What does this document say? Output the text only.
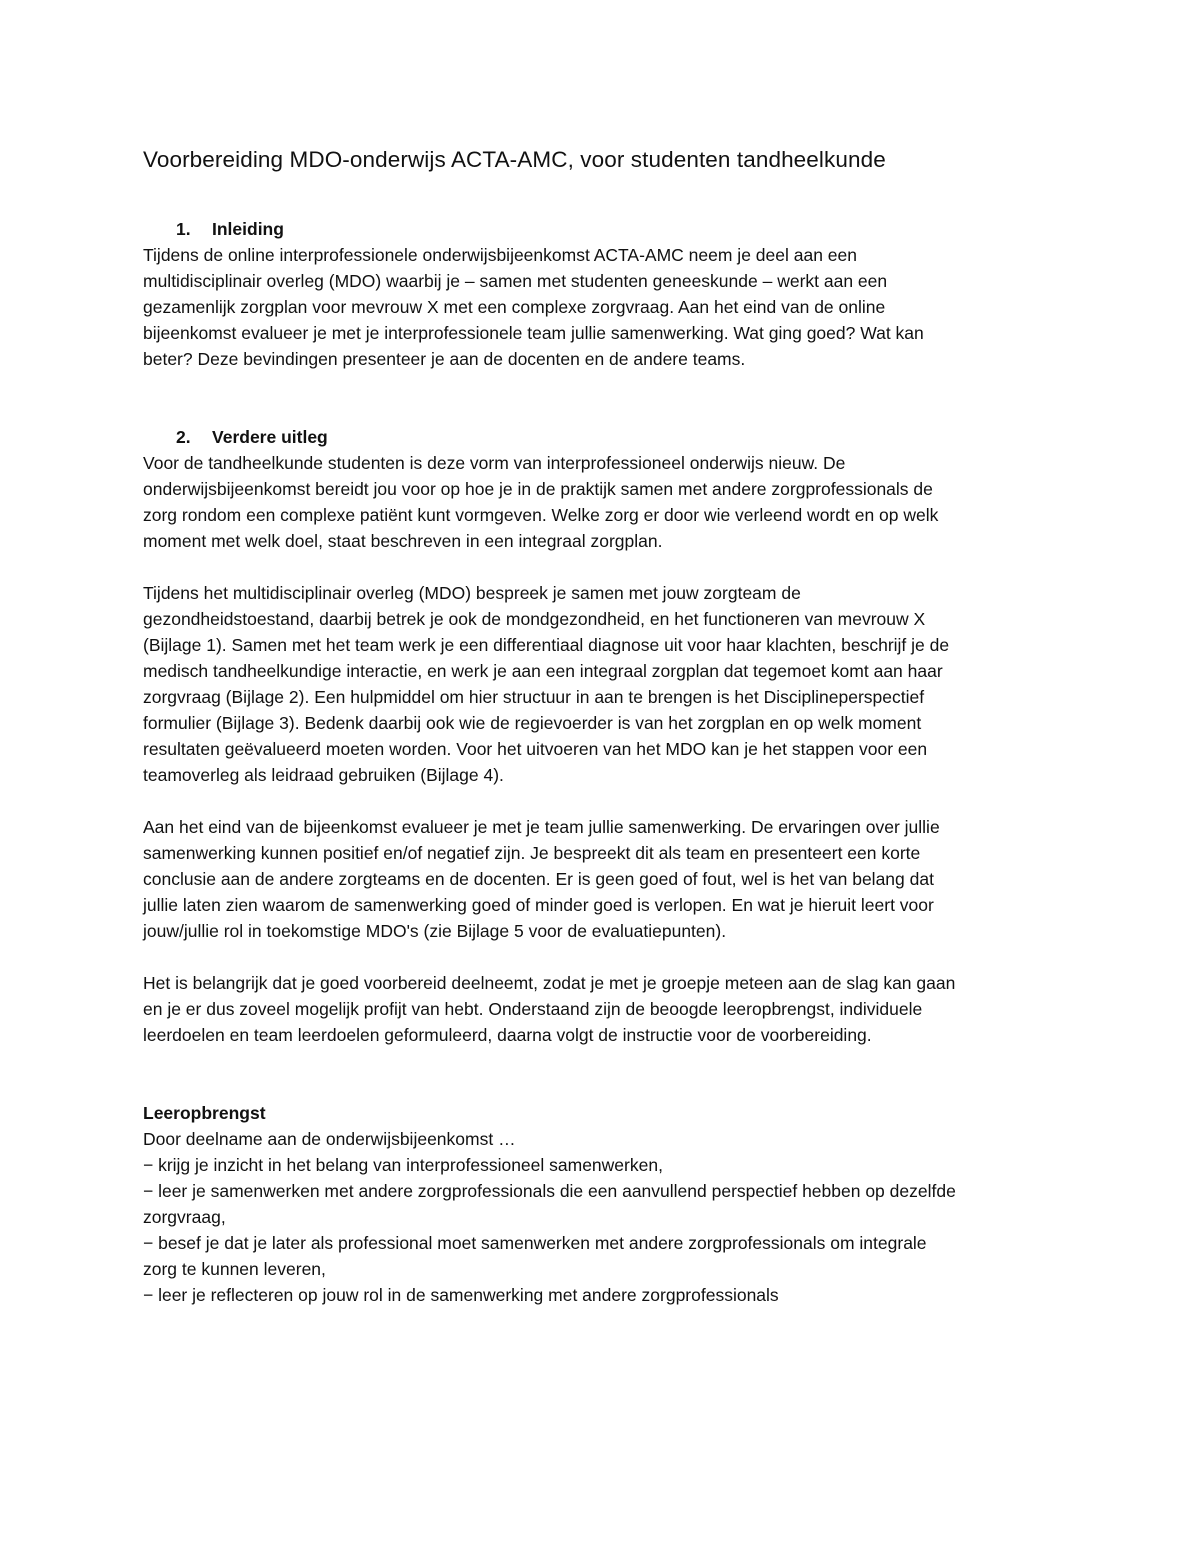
Voorbereiding MDO-onderwijs ACTA-AMC, voor studenten tandheelkunde
1. Inleiding

Tijdens de online interprofessionele onderwijsbijeenkomst ACTA-AMC neem je deel aan een
multidisciplinair overleg (MDO) waarbij je – samen met studenten geneeskunde – werkt aan een
gezamenlijk zorgplan voor mevrouw X met een complexe zorgvraag. Aan het eind van de online
bijeenkomst evalueer je met je interprofessionele team jullie samenwerking. Wat ging goed? Wat kan
beter? Deze bevindingen presenteer je aan de docenten en de andere teams.

2. Verdere uitleg

Voor de tandheelkunde studenten is deze vorm van interprofessioneel onderwijs nieuw. De
onderwijsbijeenkomst bereidt jou voor op hoe je in de praktijk samen met andere zorgprofessionals de
zorg rondom een complexe patiënt kunt vormgeven. Welke zorg er door wie verleend wordt en op welk
moment met welk doel, staat beschreven in een integraal zorgplan.

Tijdens het multidisciplinair overleg (MDO) bespreek je samen met jouw zorgteam de
gezondheidstoestand, daarbij betrek je ook de mondgezondheid, en het functioneren van mevrouw X
(Bijlage 1). Samen met het team werk je een differentiaal diagnose uit voor haar klachten, beschrijf je de
medisch tandheelkundige interactie, en werk je aan een integraal zorgplan dat tegemoet komt aan haar
zorgvraag (Bijlage 2). Een hulpmiddel om hier structuur in aan te brengen is het Disciplineperspectief
formulier (Bijlage 3). Bedenk daarbij ook wie de regievoerder is van het zorgplan en op welk moment
resultaten geëvalueerd moeten worden. Voor het uitvoeren van het MDO kan je het stappen voor een
teamoverleg als leidraad gebruiken (Bijlage 4).

Aan het eind van de bijeenkomst evalueer je met je team jullie samenwerking. De ervaringen over jullie
samenwerking kunnen positief en/of negatief zijn. Je bespreekt dit als team en presenteert een korte
conclusie aan de andere zorgteams en de docenten. Er is geen goed of fout, wel is het van belang dat
jullie laten zien waarom de samenwerking goed of minder goed is verlopen. En wat je hieruit leert voor
jouw/jullie rol in toekomstige MDO's (zie Bijlage 5 voor de evaluatiepunten).

Het is belangrijk dat je goed voorbereid deelneemt, zodat je met je groepje meteen aan de slag kan gaan
en je er dus zoveel mogelijk profijt van hebt. Onderstaand zijn de beoogde leeropbrengst, individuele
leerdoelen en team leerdoelen geformuleerd, daarna volgt de instructie voor de voorbereiding.

Leeropbrengst
Door deelname aan de onderwijsbijeenkomst …
− krijg je inzicht in het belang van interprofessioneel samenwerken,
− leer je samenwerken met andere zorgprofessionals die een aanvullend perspectief hebben op dezelfde
zorgvraag,
− besef je dat je later als professional moet samenwerken met andere zorgprofessionals om integrale
zorg te kunnen leveren,
− leer je reflecteren op jouw rol in de samenwerking met andere zorgprofessionals
